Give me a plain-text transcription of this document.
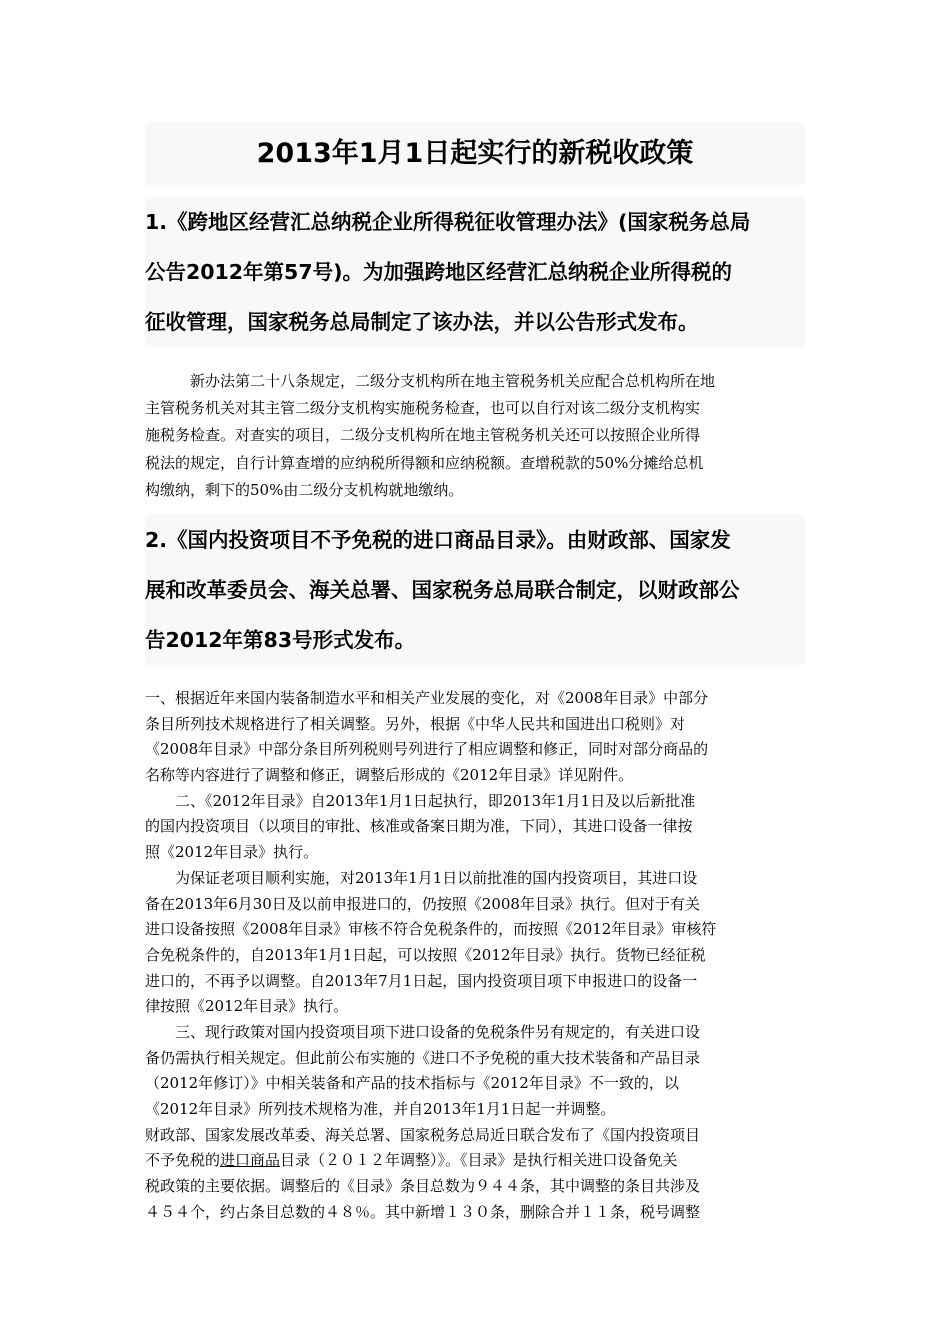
2013年1月1日起实行的新税收政策
1.《跨地区经营汇总纳税企业所得税征收管理办法》(国家税务总局
公告2012年第57号)。为加强跨地区经营汇总纳税企业所得税的
征收管理，国家税务总局制定了该办法，并以公告形式发布。
新办法第二十八条规定，二级分支机构所在地主管税务机关应配合总机构所在地
主管税务机关对其主管二级分支机构实施税务检查，也可以自行对该二级分支机构实
施税务检查。对查实的项目，二级分支机构所在地主管税务机关还可以按照企业所得
税法的规定，自行计算查增的应纳税所得额和应纳税额。查增税款的50%分摊给总机
构缴纳，剩下的50%由二级分支机构就地缴纳。
2.《国内投资项目不予免税的进口商品目录》。由财政部、国家发
展和改革委员会、海关总署、国家税务总局联合制定，以财政部公
告2012年第83号形式发布。
一、根据近年来国内装备制造水平和相关产业发展的变化，对《2008年目录》中部分
条目所列技术规格进行了相关调整。另外，根据《中华人民共和国进出口税则》对
《2008年目录》中部分条目所列税则号列进行了相应调整和修正，同时对部分商品的
名称等内容进行了调整和修正，调整后形成的《2012年目录》详见附件。
二、《2012年目录》自2013年1月1日起执行，即2013年1月1日及以后新批准
的国内投资项目（以项目的审批、核准或备案日期为准，下同），其进口设备一律按
照《2012年目录》执行。
为保证老项目顺利实施，对2013年1月1日以前批准的国内投资项目，其进口设
备在2013年6月30日及以前申报进口的，仍按照《2008年目录》执行。但对于有关
进口设备按照《2008年目录》审核不符合免税条件的，而按照《2012年目录》审核符
合免税条件的，自2013年1月1日起，可以按照《2012年目录》执行。货物已经征税
进口的，不再予以调整。自2013年7月1日起，国内投资项目项下申报进口的设备一
律按照《2012年目录》执行。
三、现行政策对国内投资项目项下进口设备的免税条件另有规定的，有关进口设
备仍需执行相关规定。但此前公布实施的《进口不予免税的重大技术装备和产品目录
（2012年修订）》中相关装备和产品的技术指标与《2012年目录》不一致的，以
《2012年目录》所列技术规格为准，并自2013年1月1日起一并调整。
财政部、国家发展改革委、海关总署、国家税务总局近日联合发布了《国内投资项目
不予免税的进口商品目录（２０１２年调整）》。《目录》是执行相关进口设备免关
税政策的主要依据。调整后的《目录》条目总数为９４４条，其中调整的条目共涉及
４５４个，约占条目总数的４８％。其中新增１３０条，删除合并１１条，税号调整
